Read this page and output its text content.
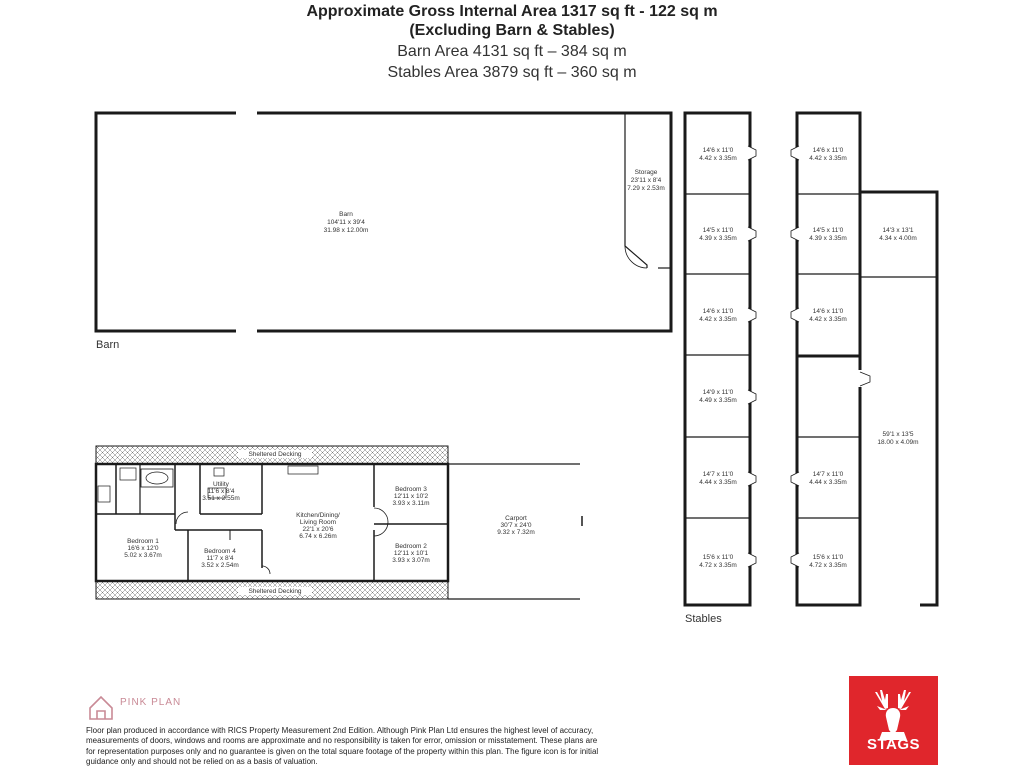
Approximate Gross Internal Area 1317 sq ft - 122 sq m
(Excluding Barn & Stables)
Barn Area 4131 sq ft – 384 sq m
Stables Area 3879 sq ft – 360 sq m
Barn
104'11 x 39'4
31.98 x 12.00m
Storage
23'11 x 8'4
7.29 x 2.53m
Barn
14'6 x 11'0
4.42 x 3.35m
14'5 x 11'0
4.39 x 3.35m
14'6 x 11'0
4.42 x 3.35m
14'9 x 11'0
4.49 x 3.35m
14'7 x 11'0
4.44 x 3.35m
15'6 x 11'0
4.72 x 3.35m
14'6 x 11'0
4.42 x 3.35m
14'5 x 11'0
4.39 x 3.35m
14'6 x 11'0
4.42 x 3.35m
14'7 x 11'0
4.44 x 3.35m
15'6 x 11'0
4.72 x 3.35m
14'3 x 13'1
4.34 x 4.00m
59'1 x 13'5
18.00 x 4.09m
Stables
Sheltered Decking
Sheltered Decking
Utility
11'6 x 8'4
3.51 x 2.55m
Kitchen/Dining/
Living Room
22'1 x 20'6
6.74 x 6.26m
Bedroom 1
16'6 x 12'0
5.02 x 3.67m
Bedroom 4
11'7 x 8'4
3.52 x 2.54m
Bedroom 3
12'11 x 10'2
3.93 x 3.11m
Bedroom 2
12'11 x 10'1
3.93 x 3.07m
Carport
30'7 x 24'0
9.32 x 7.32m
PINK PLAN
Floor plan produced in accordance with RICS Property Measurement 2nd Edition. Although Pink Plan Ltd ensures the highest level of accuracy, measurements of doors, windows and rooms are approximate and no responsibility is taken for error, omission or misstatement. These plans are for representation purposes only and no guarantee is given on the total square footage of the property within this plan. The figure icon is for initial guidance only and should not be relied on as a basis of valuation.
STAGS
